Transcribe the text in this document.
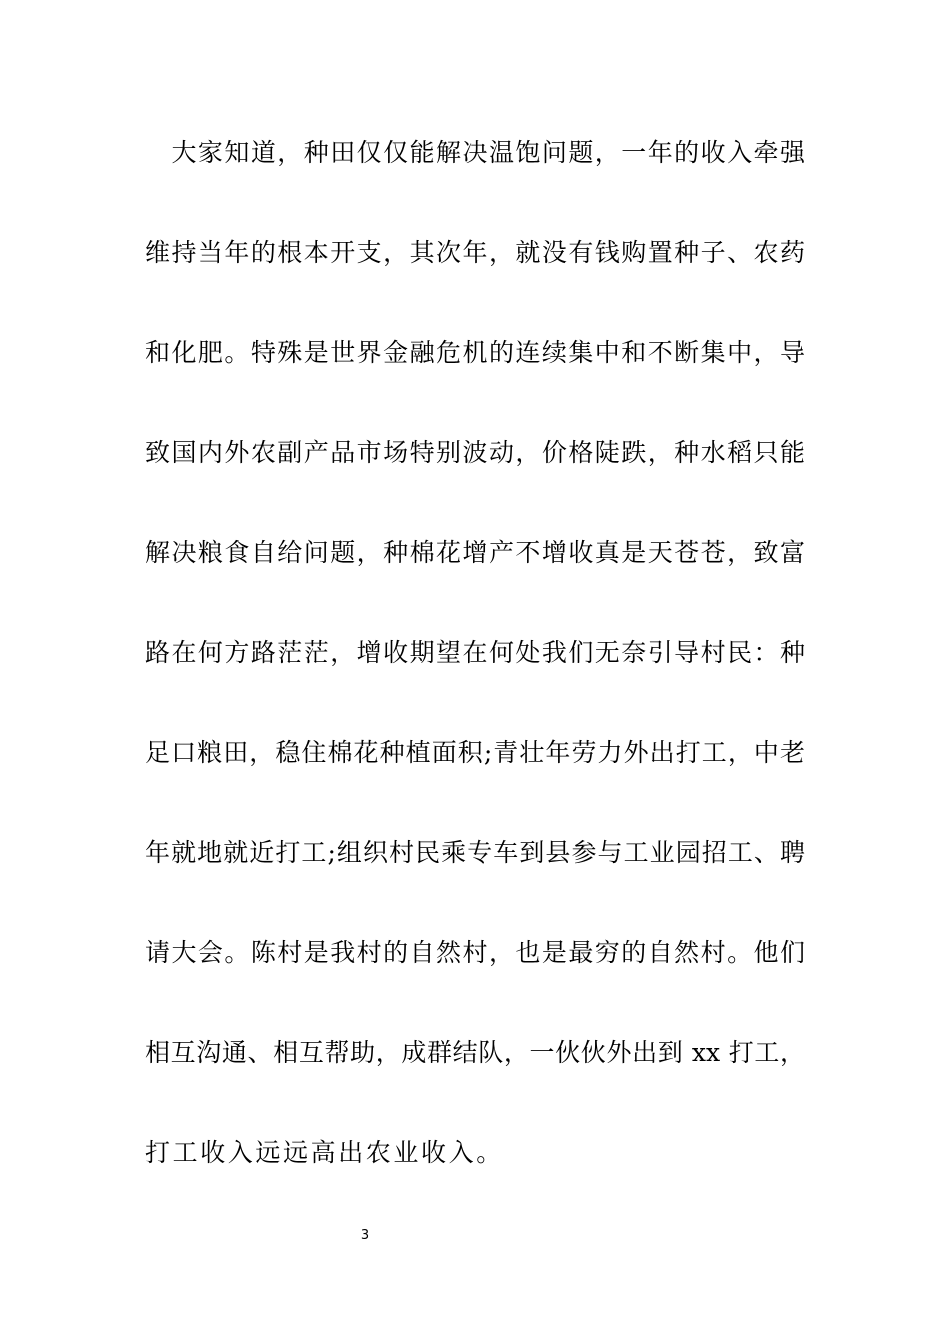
　大家知道，种田仅仅能解决温饱问题，一年的收入牵强
维持当年的根本开支，其次年，就没有钱购置种子、农药
和化肥。特殊是世界金融危机的连续集中和不断集中，导
致国内外农副产品市场特别波动，价格陡跌，种水稻只能
解决粮食自给问题，种棉花增产不增收真是天苍苍，致富
路在何方路茫茫，增收期望在何处我们无奈引导村民：种
足口粮田，稳住棉花种植面积;青壮年劳力外出打工，中老
年就地就近打工;组织村民乘专车到县参与工业园招工、聘
请大会。陈村是我村的自然村，也是最穷的自然村。他们
相互沟通、相互帮助，成群结队，一伙伙外出到 xx 打工，
打工收入远远高出农业收入。
3
